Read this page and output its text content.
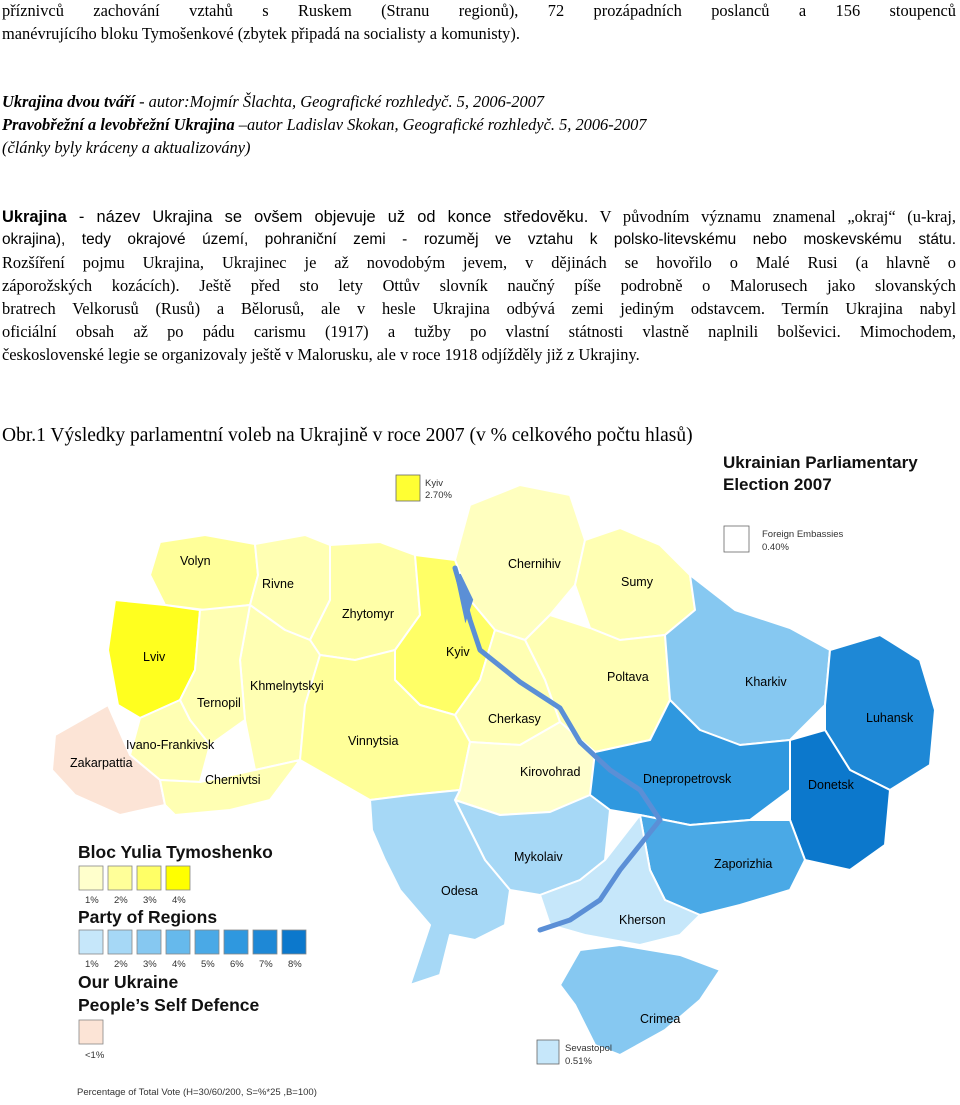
příznivců zachování vztahů s Ruskem (Stranu regionů), 72 prozápadních poslanců a 156 stoupenců

manévrujícího bloku Tymošenkové (zbytek připadá na socialisty a komunisty).

Ukrajina dvou tváří - autor:Mojmír Šlachta, Geografické rozhledyč. 5, 2006-2007

Pravobřežní a levobřežní Ukrajina –autor Ladislav Skokan, Geografické rozhledyč. 5, 2006-2007

(články byly kráceny a aktualizovány)

Ukrajina - název Ukrajina se ovšem objevuje už od konce středověku. V původním významu znamenal „okraj“ (u-kraj,

okrajina), tedy okrajové území, pohraniční zemi - rozuměj ve vztahu k polsko-litevskému nebo moskevskému státu.

Rozšíření pojmu Ukrajina, Ukrajinec je až novodobým jevem, v dějinách se hovořilo o Malé Rusi (a hlavně o

záporožských kozácích). Ještě před sto lety Ottův slovník naučný píše podrobně o Malorusech jako slovanských

bratrech Velkorusů (Rusů) a Bělorusů, ale v hesle Ukrajina odbývá zemi jediným odstavcem. Termín Ukrajina nabyl

oficiální obsah až po pádu carismu (1917) a tužby po vlastní státnosti vlastně naplnili bolševici. Mimochodem,

československé legie se organizovaly ještě v Malorusku, ale v roce 1918 odjížděly již z Ukrajiny.

Obr.1 Výsledky parlamentní voleb na Ukrajině v roce 2007 (v % celkového počtu hlasů)

Ukrainian Parliamentary
Election 2007
Kyiv
2.70%
Foreign Embassies
0.40%
Sevastopol
0.51%
Volyn
Rivne
Zhytomyr
Chernihiv
Sumy
Lviv	Kyiv
Poltava	Kharkiv
Luhansk
Khmelnytskyi
Ternopil
Cherkasy
Ivano-Frankivsk	Vinnytsia
Zakarpattia
Chernivtsi
Kirovohrad	Dnepropetrovsk	Donetsk
Mykolaiv	Zaporizhia
Odesa
Kherson
Crimea
Bloc Yulia Tymoshenko
1% 2% 3% 4%
Party of Regions
1% 2% 3% 4% 5% 6% 7% 8%
Our Ukraine
People’s Self Defence
<1%
Percentage of Total Vote (H=30/60/200, S=%*25 ,B=100)
